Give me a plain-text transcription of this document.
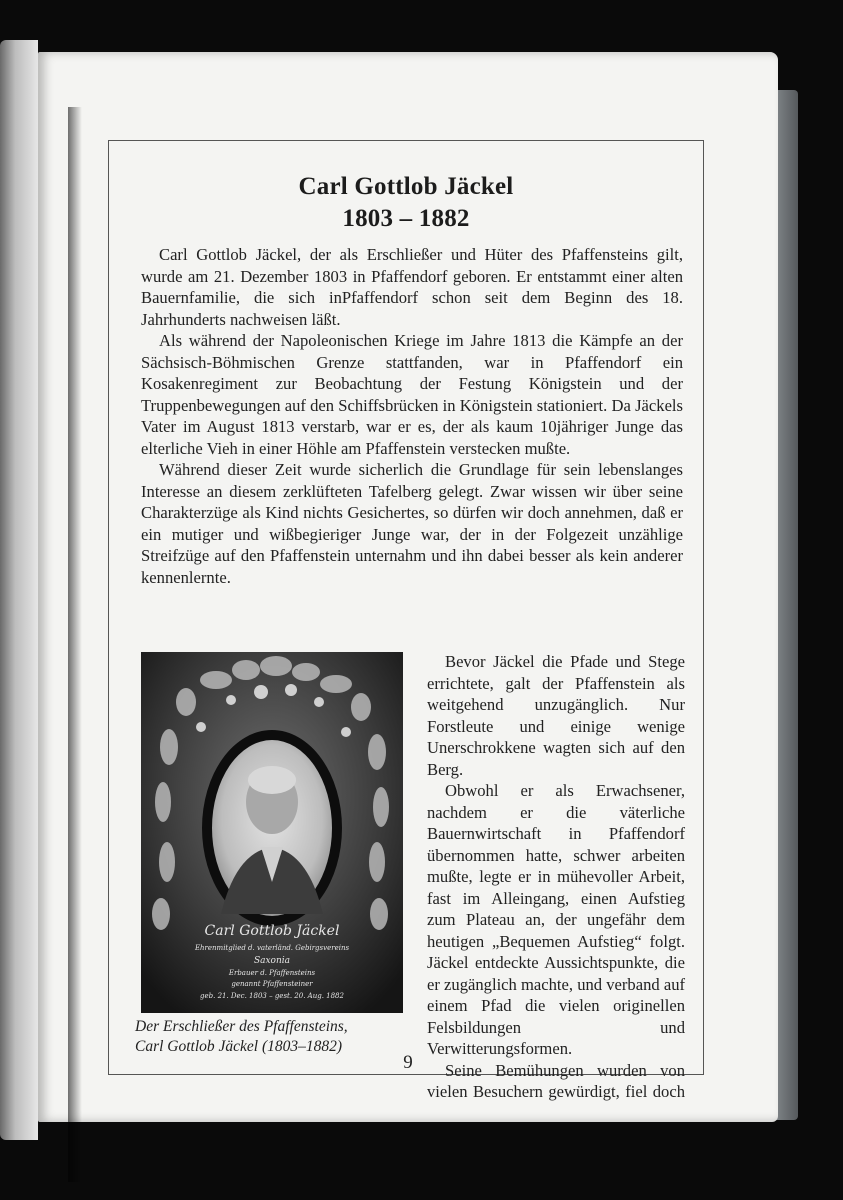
Carl Gottlob Jäckel
1803 – 1882

Carl Gottlob Jäckel, der als Erschließer und Hüter des Pfaffensteins gilt, wurde am 21. Dezember 1803 in Pfaffendorf geboren. Er entstammt einer alten Bauernfamilie, die sich inPfaffendorf schon seit dem Beginn des 18. Jahrhunderts nachweisen läßt.

Als während der Napoleonischen Kriege im Jahre 1813 die Kämpfe an der Sächsisch-Böhmischen Grenze stattfanden, war in Pfaffendorf ein Kosakenregiment zur Beobachtung der Festung Königstein und der Truppenbewegungen auf den Schiffsbrücken in Königstein stationiert. Da Jäckels Vater im August 1813 verstarb, war er es, der als kaum 10jähriger Junge das elterliche Vieh in einer Höhle am Pfaffenstein verstecken mußte.

Während dieser Zeit wurde sicherlich die Grundlage für sein lebenslanges Interesse an diesem zerklüfteten Tafelberg gelegt. Zwar wissen wir über seine Charakterzüge als Kind nichts Gesichertes, so dürfen wir doch annehmen, daß er ein mutiger und wißbegieriger Junge war, der in der Folgezeit unzählige Streifzüge auf den Pfaffenstein unternahm und ihn dabei besser als kein anderer kennenlernte.

Carl Gottlob Jäckel
Ehrenmitglied d. vaterländ. Gebirgsvereins
Saxonia
Erbauer d. Pfaffensteins
genannt Pfaffensteiner
geb. 21. Dec. 1803 – gest. 20. Aug. 1882
Der Erschließer des Pfaffensteins,
Carl Gottlob Jäckel (1803–1882)

Bevor Jäckel die Pfade und Stege errichtete, galt der Pfaffenstein als weitgehend unzugänglich. Nur Forstleute und einige wenige Unerschrokkene wagten sich auf den Berg.

Obwohl er als Erwachsener, nachdem er die väterliche Bauernwirtschaft in Pfaffendorf übernommen hatte, schwer arbeiten mußte, legte er in mühevoller Arbeit, fast im Alleingang, einen Aufstieg zum Plateau an, der ungefähr dem heutigen „Bequemen Aufstieg“ folgt. Jäckel entdeckte Aussichtspunkte, die er zugänglich machte, und verband auf einem Pfad die vielen originellen Felsbildungen und Verwitterungsformen.

Seine Bemühungen wurden von vielen Besuchern gewürdigt, fiel doch

9
